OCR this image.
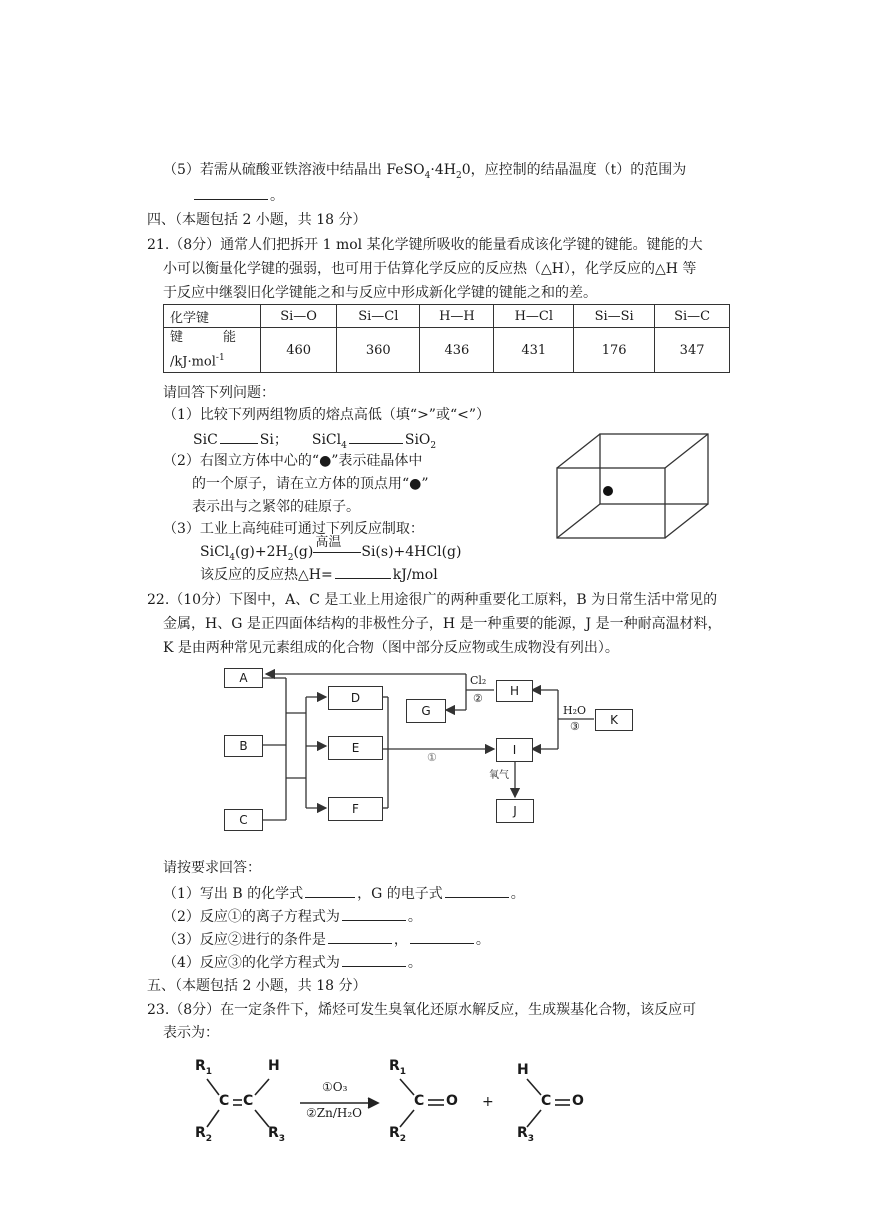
（5）若需从硫酸亚铁溶液中结晶出 $FeSO_4\cdot 4H_20$，应控制的结晶温度（t）的范围为
。
四、（本题包括 2 小题，共 18 分）
21.（8分）通常人们把拆开 1 mol 某化学键所吸收的能量看成该化学键的键能。键能的大
小可以衡量化学键的强弱，也可用于估算化学反应的反应热（△H），化学反应的△H 等
于反应中继裂旧化学键能之和与反应中形成新化学键的键能之和的差。
化学键	Si—O	Si—Cl	H—H	H—Cl	Si—Si	Si—C
键 能
/kJ·mol$^{-1}$	460	360	436	431	176	347
请回答下列问题：
（1）比较下列两组物质的熔点高低（填“>”或“<”）
SiC	Si； SiCl$_4$	SiO$_2$
（2）右图立方体中心的“●”表示硅晶体中
的一个原子，请在立方体的顶点用“●”
表示出与之紧邻的硅原子。
（3）工业上高纯硅可通过下列反应制取：
$SiCl_4(g)+2H_2(g)$
高温
Si(s)+4HCl(g)
该反应的反应热△H=	kJ/mol
22.（10分）下图中，A、C 是工业上用途很广的两种重要化工原料，B 为日常生活中常见的
金属，H、G 是正四面体结构的非极性分子，H 是一种重要的能源，J 是一种耐高温材料，
K 是由两种常见元素组成的化合物（图中部分反应物或生成物没有列出）。
A
B
C
D
E
F
G
H
I
J
K
Cl₂
②
H₂O
③
①
氧气
请按要求回答：
（1）写出 B 的化学式	，G 的电子式	。
（2）反应①的离子方程式为	。
（3）反应②进行的条件是	，	。
（4）反应③的化学方程式为	。
五、（本题包括 2 小题，共 18 分）
23.（8分）在一定条件下，烯烃可发生臭氧化还原水解反应，生成羰基化合物，该反应可
表示为：
$R_1$
$R_2$
C C
H
$R_3$
①O₃
②Zn/H₂O
$R_1$
$R_2$
C O +
H
$R_3$
C O
